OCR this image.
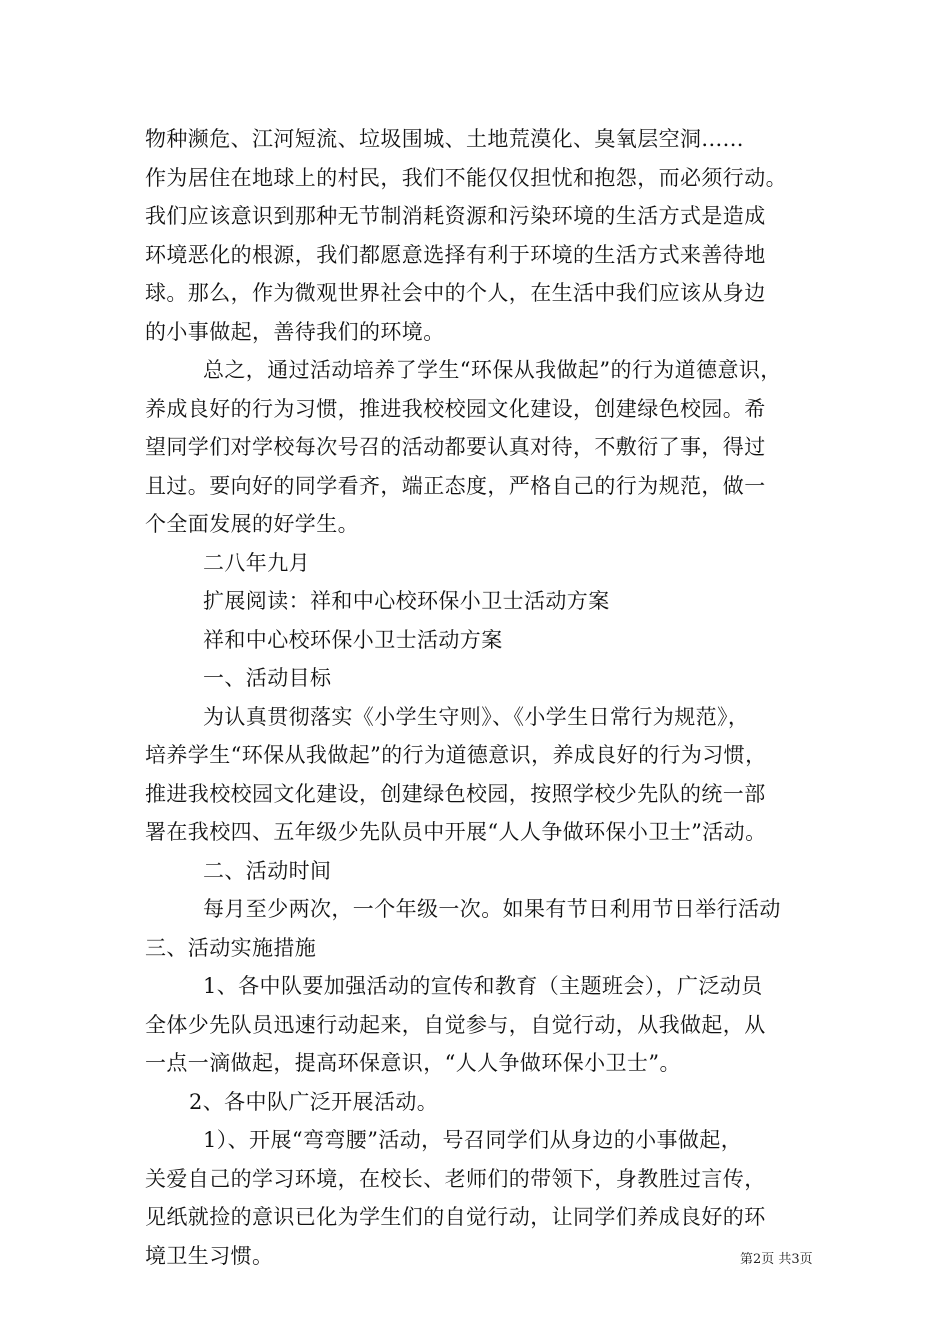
物种濒危、江河短流、垃圾围城、土地荒漠化、臭氧层空洞......
作为居住在地球上的村民，我们不能仅仅担忧和抱怨，而必须行动。
我们应该意识到那种无节制消耗资源和污染环境的生活方式是造成
环境恶化的根源，我们都愿意选择有利于环境的生活方式来善待地
球。那么，作为微观世界社会中的个人，在生活中我们应该从身边
的小事做起，善待我们的环境。
总之，通过活动培养了学生“环保从我做起”的行为道德意识，
养成良好的行为习惯，推进我校校园文化建设，创建绿色校园。希
望同学们对学校每次号召的活动都要认真对待，不敷衍了事，得过
且过。要向好的同学看齐，端正态度，严格自己的行为规范，做一
个全面发展的好学生。
二八年九月
扩展阅读：祥和中心校环保小卫士活动方案
祥和中心校环保小卫士活动方案
一、活动目标
为认真贯彻落实《小学生守则》、《小学生日常行为规范》，
培养学生“环保从我做起”的行为道德意识，养成良好的行为习惯，
推进我校校园文化建设，创建绿色校园，按照学校少先队的统一部
署在我校四、五年级少先队员中开展“人人争做环保小卫士”活动。
二、活动时间
每月至少两次，一个年级一次。如果有节日利用节日举行活动
三、活动实施措施
1、各中队要加强活动的宣传和教育（主题班会），广泛动员
全体少先队员迅速行动起来，自觉参与，自觉行动，从我做起，从
一点一滴做起，提高环保意识，“人人争做环保小卫士”。
2、各中队广泛开展活动。
1）、开展“弯弯腰”活动，号召同学们从身边的小事做起，
关爱自己的学习环境，在校长、老师们的带领下，身教胜过言传，
见纸就捡的意识已化为学生们的自觉行动，让同学们养成良好的环
境卫生习惯。	第2页 共3页
